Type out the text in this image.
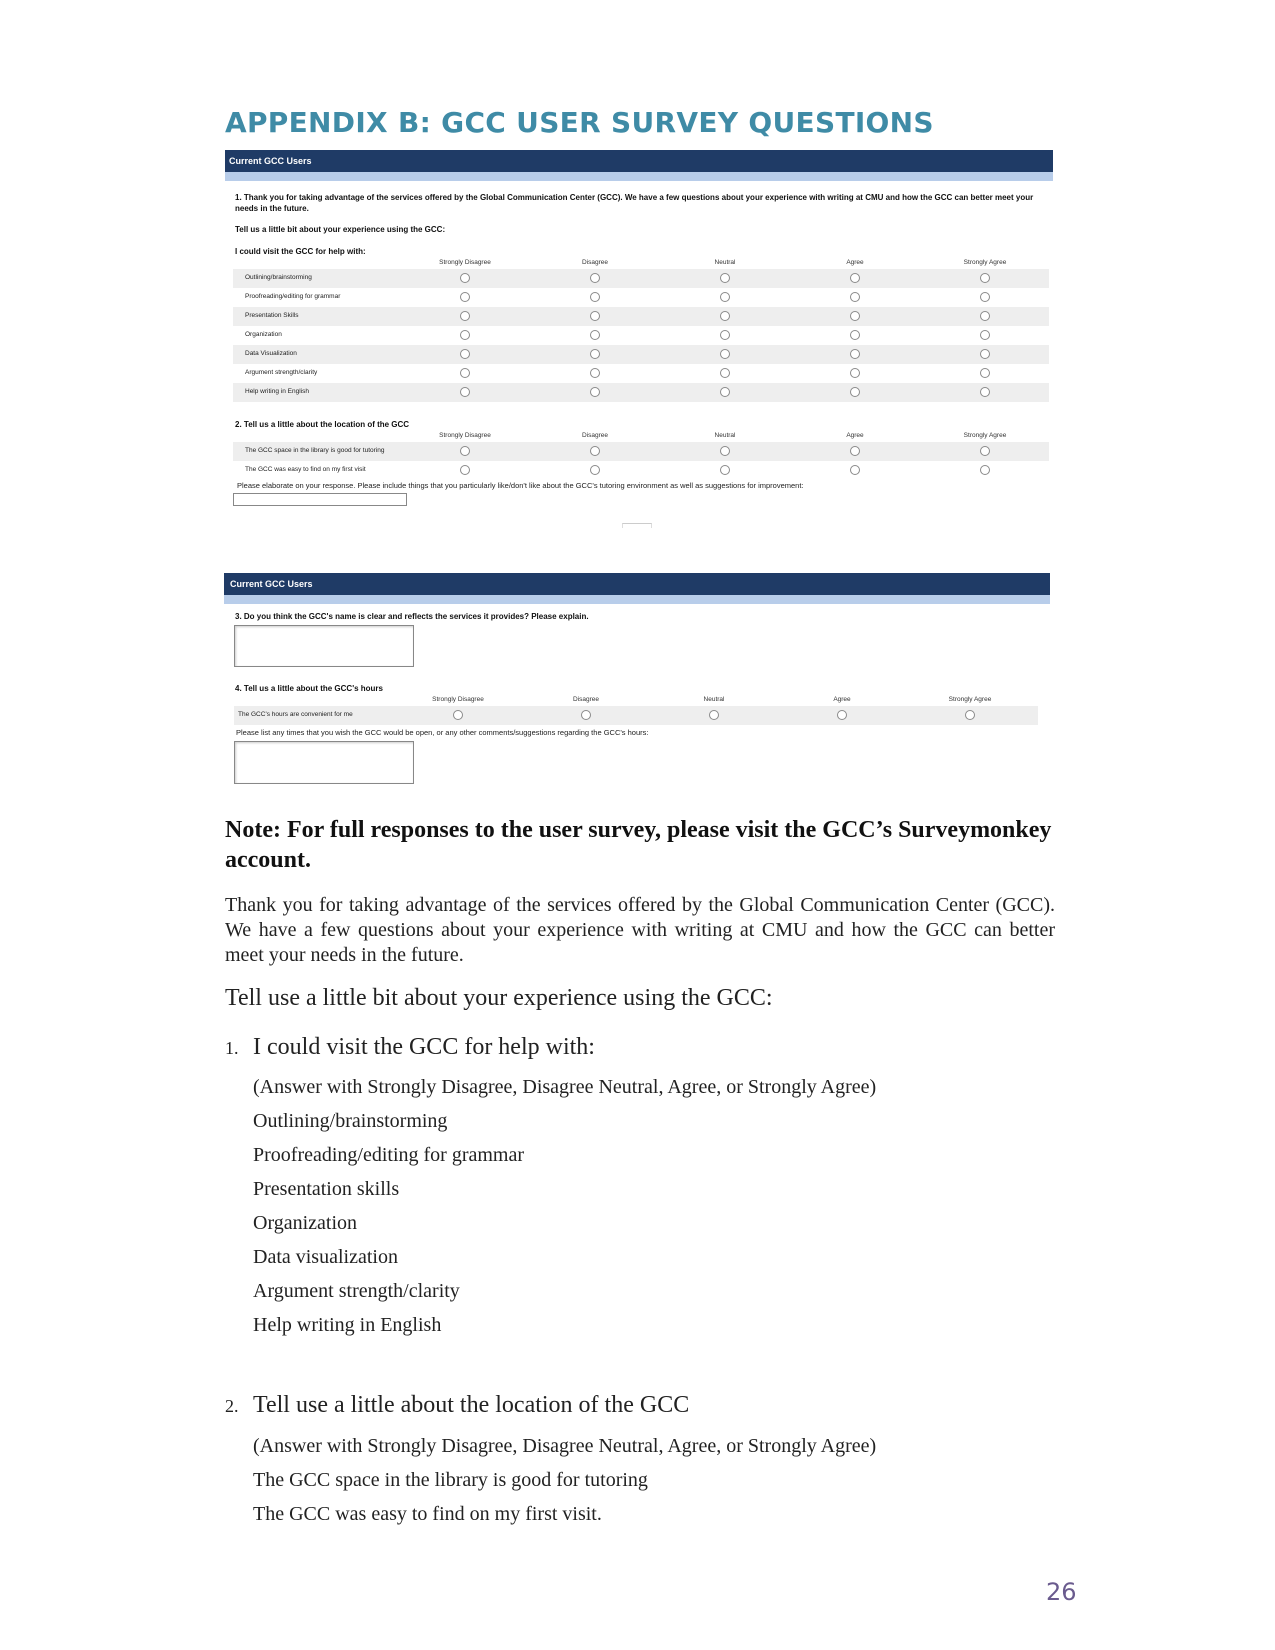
APPENDIX B: GCC USER SURVEY QUESTIONS
Current GCC Users

1. Thank you for taking advantage of the services offered by the Global Communication Center (GCC). We have a few questions about your experience with writing at CMU and how the GCC can better meet your needs in the future.

Tell us a little bit about your experience using the GCC:

I could visit the GCC for help with:

Strongly Disagree	Disagree	Neutral	Agree	Strongly Agree
Outlining/brainstorming
Proofreading/editing for grammar
Presentation Skills
Organization
Data Visualization
Argument strength/clarity
Help writing in English

2. Tell us a little about the location of the GCC

Strongly Disagree	Disagree	Neutral	Agree	Strongly Agree
The GCC space in the library is good for tutoring
The GCC was easy to find on my first visit

Please elaborate on your response. Please include things that you particularly like/don't like about the GCC's tutoring environment as well as suggestions for improvement:

Current GCC Users

3. Do you think the GCC's name is clear and reflects the services it provides? Please explain.

4. Tell us a little about the GCC's hours

Strongly Disagree	Disagree	Neutral	Agree	Strongly Agree
The GCC's hours are convenient for me

Please list any times that you wish the GCC would be open, or any other comments/suggestions regarding the GCC's hours:

Note: For full responses to the user survey, please visit the GCC’s Surveymonkey account.

Thank you for taking advantage of the services offered by the Global Communication Center (GCC). We have a few questions about your experience with writing at CMU and how the GCC can better meet your needs in the future.

Tell use a little bit about your experience using the GCC:

1. I could visit the GCC for help with:

(Answer with Strongly Disagree, Disagree Neutral, Agree, or Strongly Agree)
Outlining/brainstorming
Proofreading/editing for grammar
Presentation skills
Organization
Data visualization
Argument strength/clarity
Help writing in English

2. Tell use a little about the location of the GCC

(Answer with Strongly Disagree, Disagree Neutral, Agree, or Strongly Agree)
The GCC space in the library is good for tutoring
The GCC was easy to find on my first visit.

26
